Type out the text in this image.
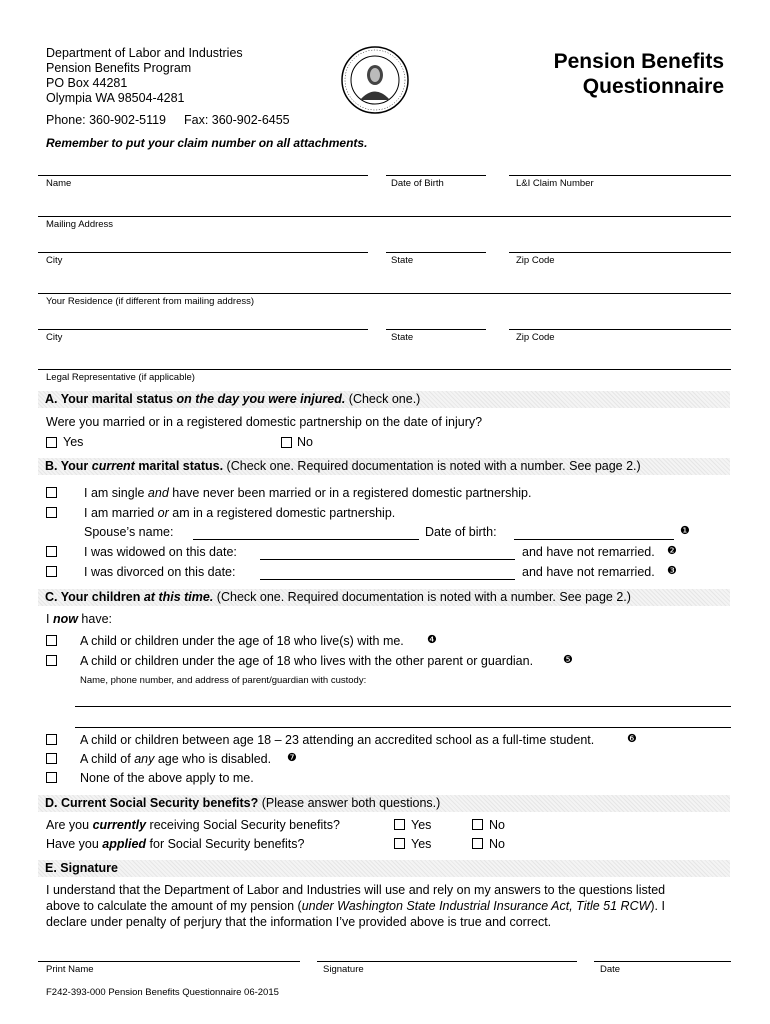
Department of Labor and Industries
Pension Benefits Program
PO Box 44281
Olympia WA 98504-4281
Phone: 360-902-5119 Fax: 360-902-6455
Pension Benefits
Questionnaire
Remember to put your claim number on all attachments.
Name	Date of Birth	L&I Claim Number
Mailing Address
City	State	Zip Code
Your Residence (if different from mailing address)
City	State	Zip Code
Legal Representative (if applicable)
A. Your marital status on the day you were injured. (Check one.)
Were you married or in a registered domestic partnership on the date of injury?
Yes	No
B. Your current marital status. (Check one. Required documentation is noted with a number. See page 2.)
I am single and have never been married or in a registered domestic partnership.
I am married or am in a registered domestic partnership.
Spouse’s name:	Date of birth:	❶
I was widowed on this date:	and have not remarried. ❷
I was divorced on this date:	and have not remarried. ❸
C. Your children at this time. (Check one. Required documentation is noted with a number. See page 2.)
I now have:
A child or children under the age of 18 who live(s) with me. ❹
A child or children under the age of 18 who lives with the other parent or guardian.	❺
Name, phone number, and address of parent/guardian with custody:
A child or children between age 18 – 23 attending an accredited school as a full-time student.	❻
A child of any age who is disabled. ❼
None of the above apply to me.
D. Current Social Security benefits? (Please answer both questions.)
Are you currently receiving Social Security benefits?	Yes	No
Have you applied for Social Security benefits?	Yes	No
E. Signature
I understand that the Department of Labor and Industries will use and rely on my answers to the questions listed
above to calculate the amount of my pension (under Washington State Industrial Insurance Act, Title 51 RCW). I
declare under penalty of perjury that the information I’ve provided above is true and correct.
Print Name	Signature	Date
F242-393-000 Pension Benefits Questionnaire 06-2015
